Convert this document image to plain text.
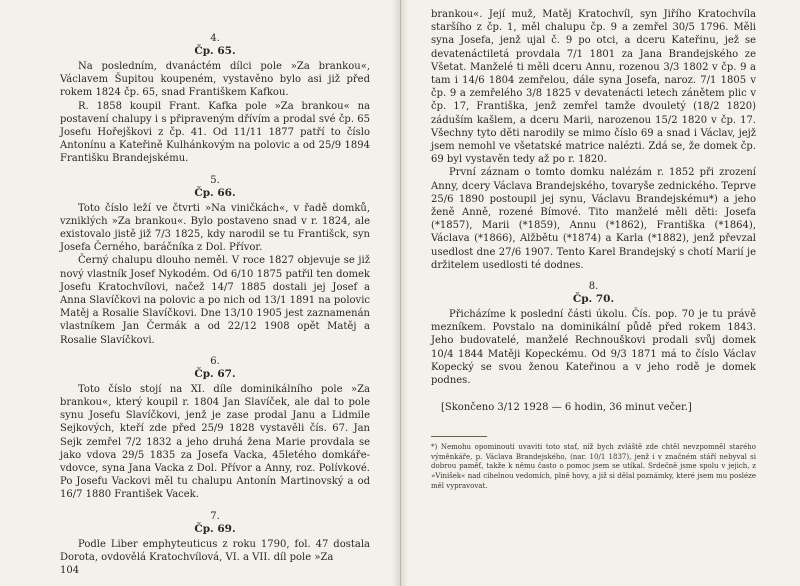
4.
Čp. 65.

Na posledním, dvanáctém dílci pole »Za brankou«, Václavem Šupitou koupeném, vystavěno bylo asi již před rokem 1824 čp. 65, snad Františkem Kafkou.

R. 1858 koupil Frant. Kafka pole »Za brankou« na postavení chalupy i s připraveným dřívím a prodal své čp. 65 Josefu Hořejškovi z čp. 41. Od 11/11 1877 patří to číslo Antonínu a Kateřině Kulhánkovým na polovic a od 25/9 1894 Františku Brandejskému.

5.
Čp. 66.

Toto číslo leží ve čtvrti »Na viničkách«, v řadě domků, vzniklých »Za brankou«. Bylo postaveno snad v r. 1824, ale existovalo jistě již 7/3 1825, kdy narodil se tu Františck, syn Josefa Černého, baráčníka z Dol. Přívor.

Černý chalupu dlouho neměl. V roce 1827 objevuje se již nový vlastník Josef Nykodém. Od 6/10 1875 patřil ten domek Josefu Kratochvílovi, načež 14/7 1885 dostali jej Josef a Anna Slavíčkovi na polovic a po nich od 13/1 1891 na polovic Matěj a Rosalie Slavíčkovi. Dne 13/10 1905 jest zaznamenán vlastníkem Jan Čermák a od 22/12 1908 opět Matěj a Rosalie Slavíčkovi.

6.
Čp. 67.

Toto číslo stojí na XI. díle dominikálního pole »Za brankou«, který koupil r. 1804 Jan Slavíček, ale dal to pole synu Josefu Slavíčkovi, jenž je zase prodal Janu a Lidmile Sejkových, kteří zde před 25/9 1828 vystavěli čís. 67. Jan Sejk zemřel 7/2 1832 a jeho druhá žena Marie provdala se jako vdova 29/5 1835 za Josefa Vacka, 45letého domkáře-vdovce, syna Jana Vacka z Dol. Přívor a Anny, roz. Polívkové. Po Josefu Vackovi měl tu chalupu Antonín Martinovský a od 16/7 1880 František Vacek.

7.
Čp. 69.

Podle Liber emphyteuticus z roku 1790, fol. 47 dostala Dorota, ovdovělá Kratochvílová, VI. a VII. díl pole »Za

104

brankou«. Její muž, Matěj Kratochvíl, syn Jiřího Kratochvíla staršího z čp. 1, měl chalupu čp. 9 a zemřel 30/5 1796. Měli syna Josefa, jenž ujal č. 9 po otci, a dceru Kateřinu, jež se devatenáctiletá provdala 7/1 1801 za Jana Brandejského ze Všetat. Manželé ti měli dceru Annu, rozenou 3/3 1802 v čp. 9 a tam i 14/6 1804 zemřelou, dále syna Josefa, naroz. 7/1 1805 v čp. 9 a zemřelého 3/8 1825 v devatenácti letech zánětem plic v čp. 17, Františka, jenž zemřel tamže dvouletý (18/2 1820) záduším kašlem, a dceru Marii, narozenou 15/2 1820 v čp. 17. Všechny tyto děti narodily se mimo číslo 69 a snad i Václav, jejž jsem nemohl ve všetatské matrice nalézti. Zdá se, že domek čp. 69 byl vystavěn tedy až po r. 1820.

První záznam o tomto domku nalézám r. 1852 při zrození Anny, dcery Václava Brandejského, tovaryše zednického. Teprve 25/6 1890 postoupil jej synu, Václavu Brandejskému*) a jeho ženě Anně, rozené Bímové. Tito manželé měli děti: Josefa (*1857), Marii (*1859), Annu (*1862), Františka (*1864), Václava (*1866), Alžbětu (*1874) a Karla (*1882), jenž převzal usedlost dne 27/6 1907. Tento Karel Brandejský s chotí Marií je držitelem usedlosti té dodnes.

8.
Čp. 70.

Přicházíme k poslední části úkolu. Čís. pop. 70 je tu právě mezníkem. Povstalo na dominikální půdě před rokem 1843. Jeho budovatelé, manželé Rechnouškovi prodali svůj domek 10/4 1844 Matěji Kopeckému. Od 9/3 1871 má to číslo Václav Kopecký se svou ženou Kateřinou a v jeho rodě je domek podnes.

[Skončeno 3/12 1928 — 6 hodin, 36 minut večer.]
*) Nemohu opominouti uvaviti toto stať, níž bych zvláště zde chtěl nevzpomněl starého výměnkáře, p. Václava Brandejského, (nar. 10/1 1837), jenž i v značném stáří nebyval si dobrou paměť, takže k němu často o pomoc jsem se utíkal. Srdečně jsme spolu v jejich, z »Vinišek« nad cihelnou vedomích, plně hovy, a již si dělal poznámky, které jsem mu posléze měl vypravovat.
